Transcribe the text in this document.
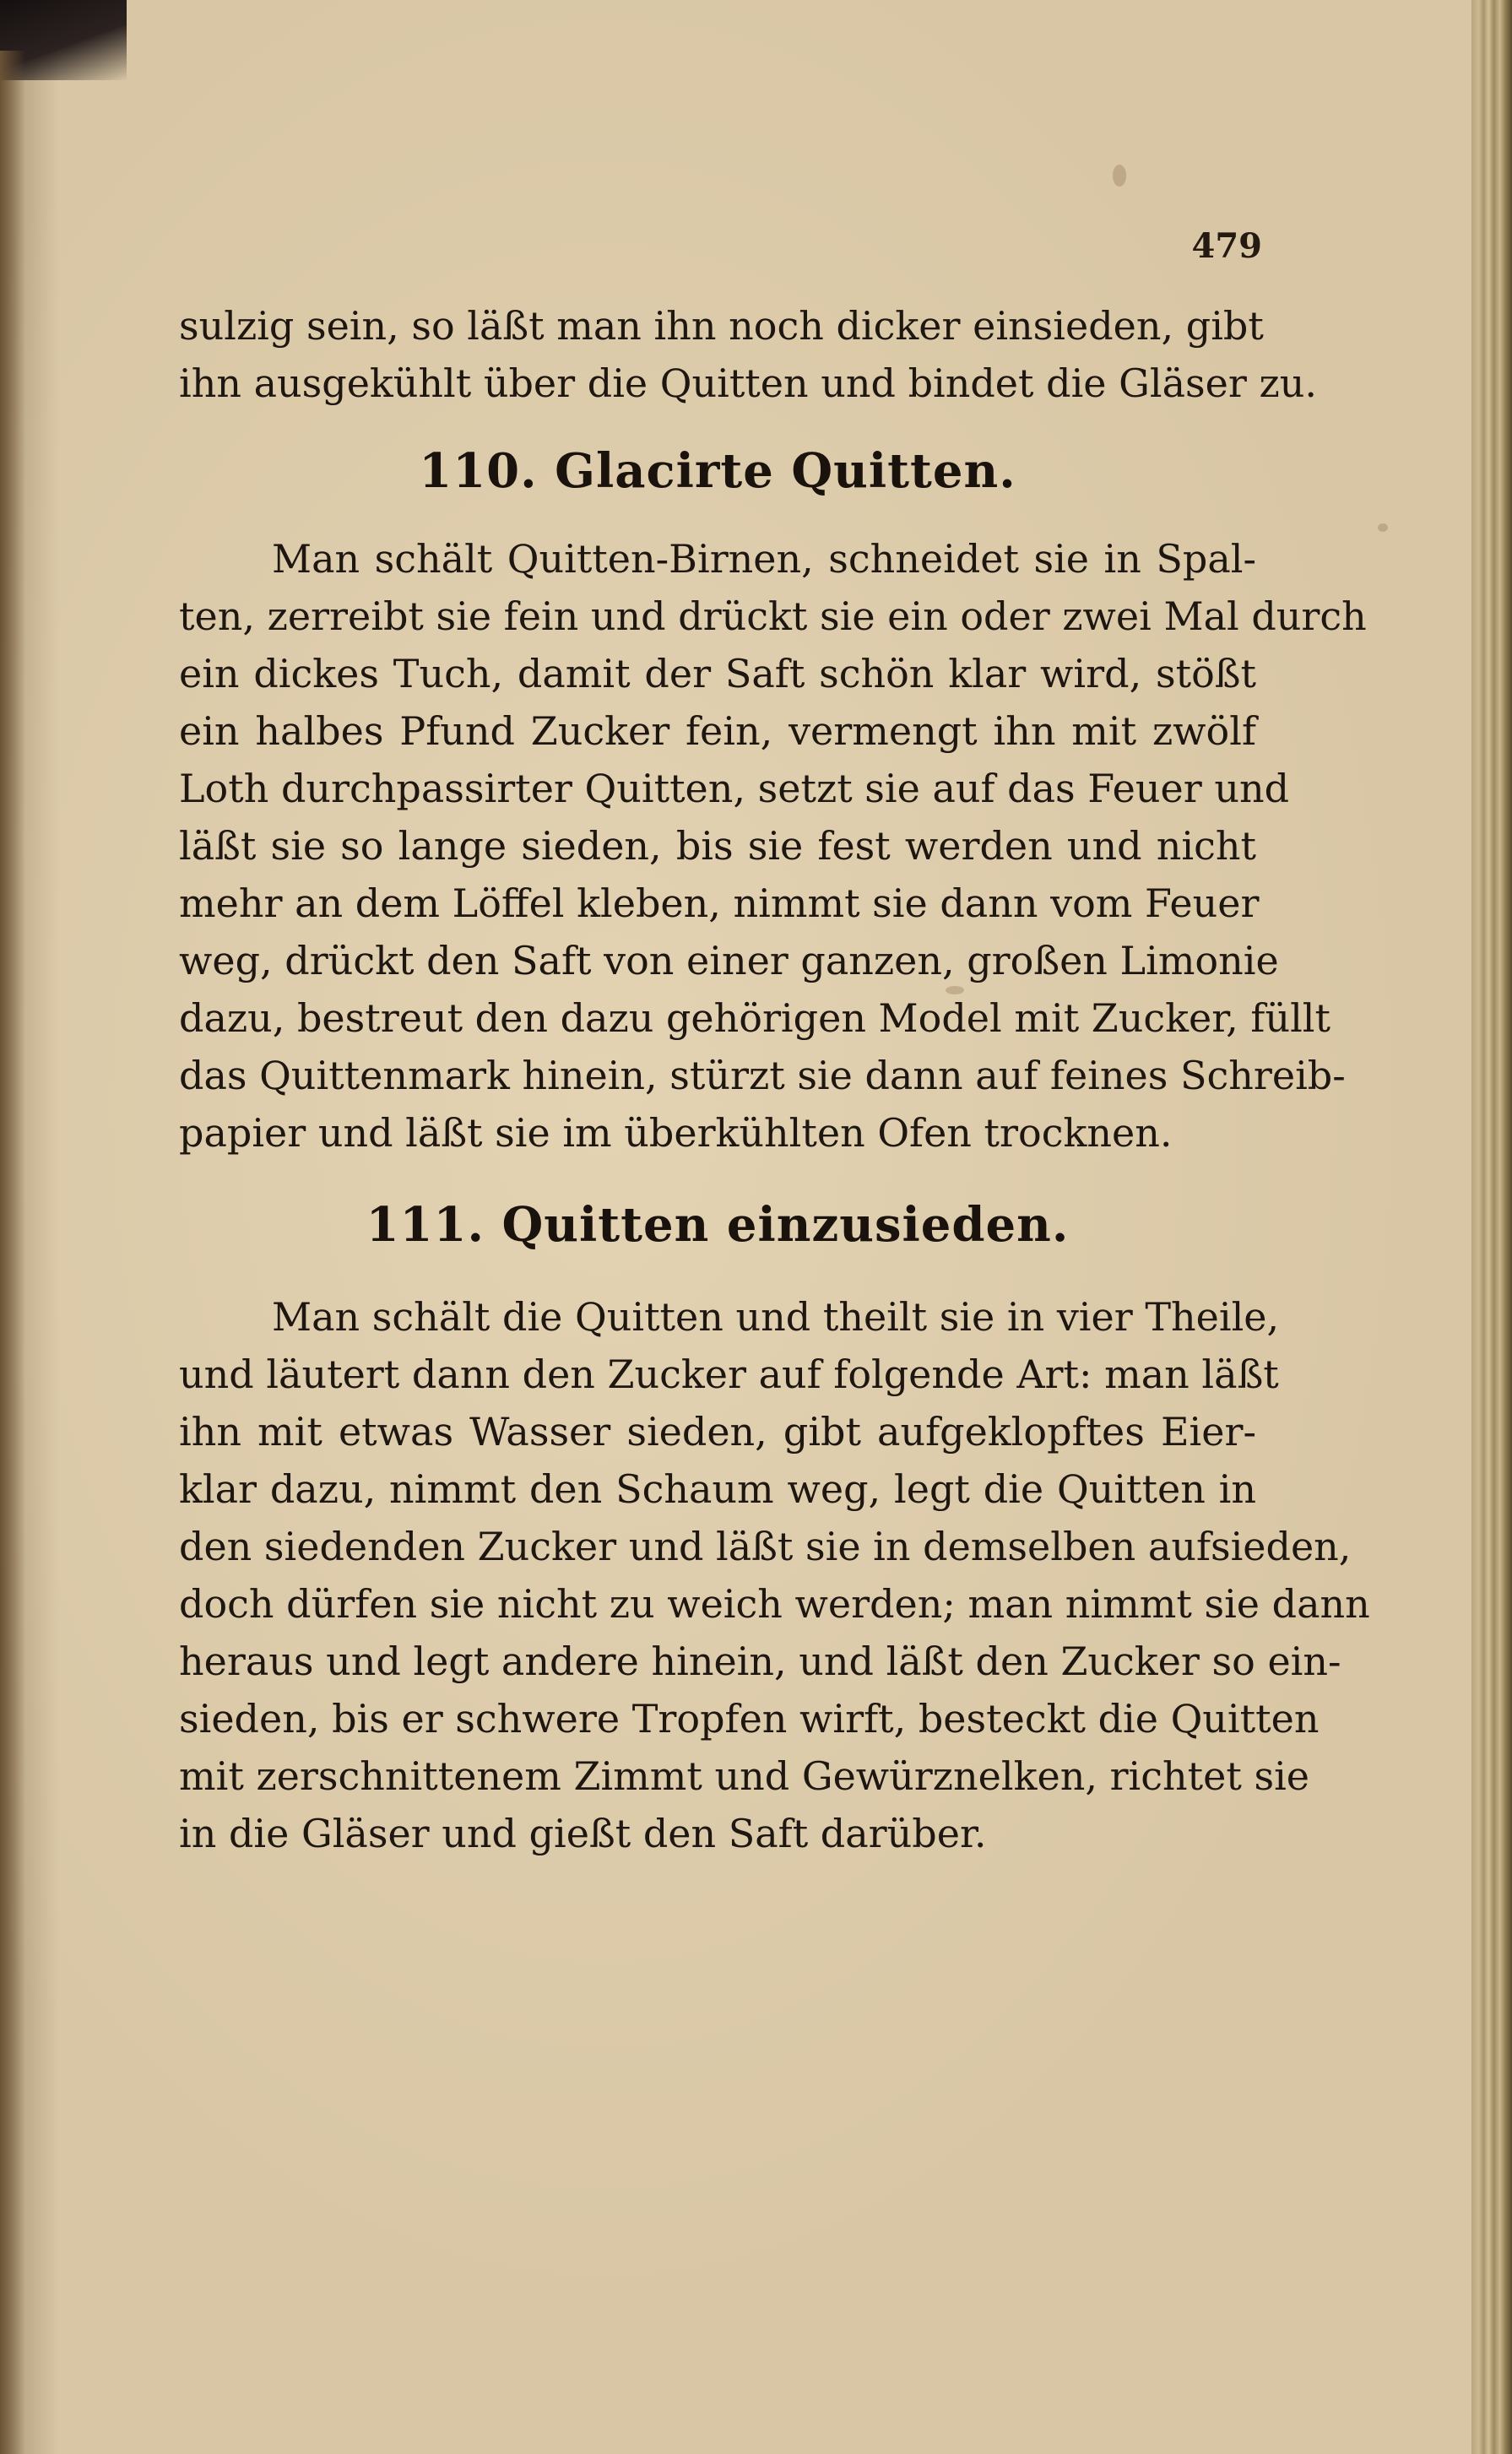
479
sulzig sein, so läßt man ihn noch dicker einsieden, gibt
ihn ausgekühlt über die Quitten und bindet die Gläser zu.
110. Glacirte Quitten.
Man schält Quitten-Birnen, schneidet sie in Spal-
ten, zerreibt sie fein und drückt sie ein oder zwei Mal durch
ein dickes Tuch, damit der Saft schön klar wird, stößt
ein halbes Pfund Zucker fein, vermengt ihn mit zwölf
Loth durchpassirter Quitten, setzt sie auf das Feuer und
läßt sie so lange sieden, bis sie fest werden und nicht
mehr an dem Löffel kleben, nimmt sie dann vom Feuer
weg, drückt den Saft von einer ganzen, großen Limonie
dazu, bestreut den dazu gehörigen Model mit Zucker, füllt
das Quittenmark hinein, stürzt sie dann auf feines Schreib-
papier und läßt sie im überkühlten Ofen trocknen.
111. Quitten einzusieden.
Man schält die Quitten und theilt sie in vier Theile,
und läutert dann den Zucker auf folgende Art: man läßt
ihn mit etwas Wasser sieden, gibt aufgeklopftes Eier-
klar dazu, nimmt den Schaum weg, legt die Quitten in
den siedenden Zucker und läßt sie in demselben aufsieden,
doch dürfen sie nicht zu weich werden; man nimmt sie dann
heraus und legt andere hinein, und läßt den Zucker so ein-
sieden, bis er schwere Tropfen wirft, besteckt die Quitten
mit zerschnittenem Zimmt und Gewürznelken, richtet sie
in die Gläser und gießt den Saft darüber.
